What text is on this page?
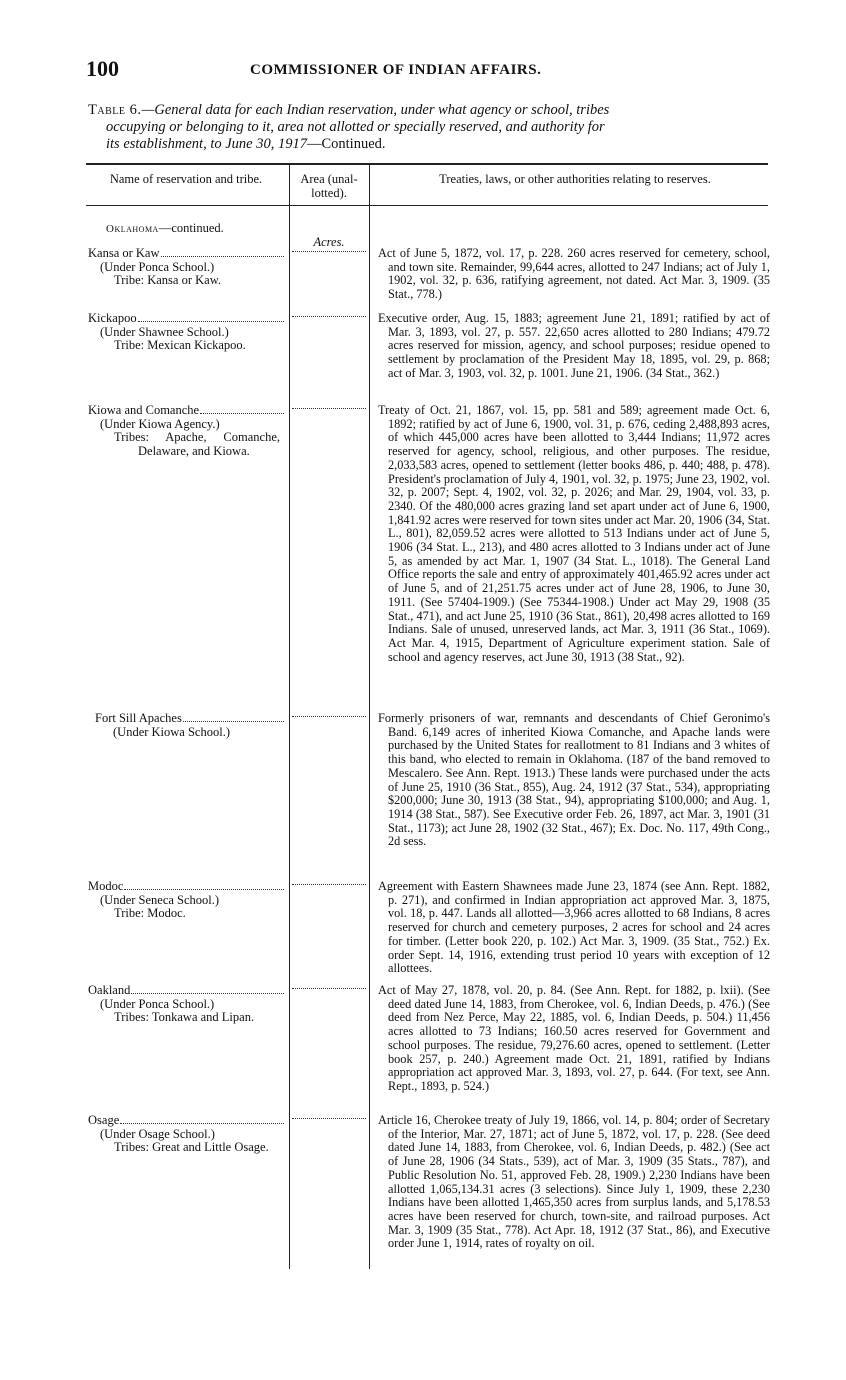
100	COMMISSIONER OF INDIAN AFFAIRS.
Table 6.—General data for each Indian reservation, under what agency or school, tribes
occupying or belonging to it, area not allotted or specially reserved, and authority for
its establishment, to June 30, 1917—Continued.
Name of reservation and tribe.	Area (unal-lotted).
Treaties, laws, or other authorities relating to reserves.
Oklahoma—continued.
Acres.
Kansa or Kaw
(Under Ponca School.)
Tribe: Kansa or Kaw.
Act of June 5, 1872, vol. 17, p. 228. 260 acres reserved for cemetery, school, and town site. Remainder, 99,644 acres, allotted to 247 Indians; act of July 1, 1902, vol. 32, p. 636, ratifying agreement, not dated. Act Mar. 3, 1909. (35 Stat., 778.)
Kickapoo
(Under Shawnee School.)
Tribe: Mexican Kickapoo.
Executive order, Aug. 15, 1883; agreement June 21, 1891; ratified by act of Mar. 3, 1893, vol. 27, p. 557. 22,650 acres allotted to 280 Indians; 479.72 acres reserved for mission, agency, and school purposes; residue opened to settlement by proclamation of the President May 18, 1895, vol. 29, p. 868; act of Mar. 3, 1903, vol. 32, p. 1001. June 21, 1906. (34 Stat., 362.)
Kiowa and Comanche
(Under Kiowa Agency.)
Tribes: Apache, Comanche, Delaware, and Kiowa.
Treaty of Oct. 21, 1867, vol. 15, pp. 581 and 589; agreement made Oct. 6, 1892; ratified by act of June 6, 1900, vol. 31, p. 676, ceding 2,488,893 acres, of which 445,000 acres have been allotted to 3,444 Indians; 11,972 acres reserved for agency, school, religious, and other purposes. The residue, 2,033,583 acres, opened to settlement (letter books 486, p. 440; 488, p. 478). President's proclamation of July 4, 1901, vol. 32, p. 1975; June 23, 1902, vol. 32, p. 2007; Sept. 4, 1902, vol. 32, p. 2026; and Mar. 29, 1904, vol. 33, p. 2340. Of the 480,000 acres grazing land set apart under act of June 6, 1900, 1,841.92 acres were reserved for town sites under act Mar. 20, 1906 (34, Stat. L., 801), 82,059.52 acres were allotted to 513 Indians under act of June 5, 1906 (34 Stat. L., 213), and 480 acres allotted to 3 Indians under act of June 5, as amended by act Mar. 1, 1907 (34 Stat. L., 1018). The General Land Office reports the sale and entry of approximately 401,465.92 acres under act of June 5, and of 21,251.75 acres under act of June 28, 1906, to June 30, 1911. (See 57404-1909.) (See 75344-1908.) Under act May 29, 1908 (35 Stat., 471), and act June 25, 1910 (36 Stat., 861), 20,498 acres allotted to 169 Indians. Sale of unused, unreserved lands, act Mar. 3, 1911 (36 Stat., 1069). Act Mar. 4, 1915, Department of Agriculture experiment station. Sale of school and agency reserves, act June 30, 1913 (38 Stat., 92).
Fort Sill Apaches
(Under Kiowa School.)
Formerly prisoners of war, remnants and descendants of Chief Geronimo's Band. 6,149 acres of inherited Kiowa Comanche, and Apache lands were purchased by the United States for reallotment to 81 Indians and 3 whites of this band, who elected to remain in Oklahoma. (187 of the band removed to Mescalero. See Ann. Rept. 1913.) These lands were purchased under the acts of June 25, 1910 (36 Stat., 855), Aug. 24, 1912 (37 Stat., 534), appropriating $200,000; June 30, 1913 (38 Stat., 94), appropriating $100,000; and Aug. 1, 1914 (38 Stat., 587). See Executive order Feb. 26, 1897, act Mar. 3, 1901 (31 Stat., 1173); act June 28, 1902 (32 Stat., 467); Ex. Doc. No. 117, 49th Cong., 2d sess.
Modoc
(Under Seneca School.)
Tribe: Modoc.
Agreement with Eastern Shawnees made June 23, 1874 (see Ann. Rept. 1882, p. 271), and confirmed in Indian appropriation act approved Mar. 3, 1875, vol. 18, p. 447. Lands all allotted—3,966 acres allotted to 68 Indians, 8 acres reserved for church and cemetery purposes, 2 acres for school and 24 acres for timber. (Letter book 220, p. 102.) Act Mar. 3, 1909. (35 Stat., 752.) Ex. order Sept. 14, 1916, extending trust period 10 years with exception of 12 allottees.
Oakland
(Under Ponca School.)
Tribes: Tonkawa and Lipan.
Act of May 27, 1878, vol. 20, p. 84. (See Ann. Rept. for 1882, p. lxii). (See deed dated June 14, 1883, from Cherokee, vol. 6, Indian Deeds, p. 476.) (See deed from Nez Perce, May 22, 1885, vol. 6, Indian Deeds, p. 504.) 11,456 acres allotted to 73 Indians; 160.50 acres reserved for Government and school purposes. The residue, 79,276.60 acres, opened to settlement. (Letter book 257, p. 240.) Agreement made Oct. 21, 1891, ratified by Indians appropriation act approved Mar. 3, 1893, vol. 27, p. 644. (For text, see Ann. Rept., 1893, p. 524.)
Osage
(Under Osage School.)
Tribes: Great and Little Osage.
Article 16, Cherokee treaty of July 19, 1866, vol. 14, p. 804; order of Secretary of the Interior, Mar. 27, 1871; act of June 5, 1872, vol. 17, p. 228. (See deed dated June 14, 1883, from Cherokee, vol. 6, Indian Deeds, p. 482.) (See act of June 28, 1906 (34 Stats., 539), act of Mar. 3, 1909 (35 Stats., 787), and Public Resolution No. 51, approved Feb. 28, 1909.) 2,230 Indians have been allotted 1,065,134.31 acres (3 selections). Since July 1, 1909, these 2,230 Indians have been allotted 1,465,350 acres from surplus lands, and 5,178.53 acres have been reserved for church, town-site, and railroad purposes. Act Mar. 3, 1909 (35 Stat., 778). Act Apr. 18, 1912 (37 Stat., 86), and Executive order June 1, 1914, rates of royalty on oil.
